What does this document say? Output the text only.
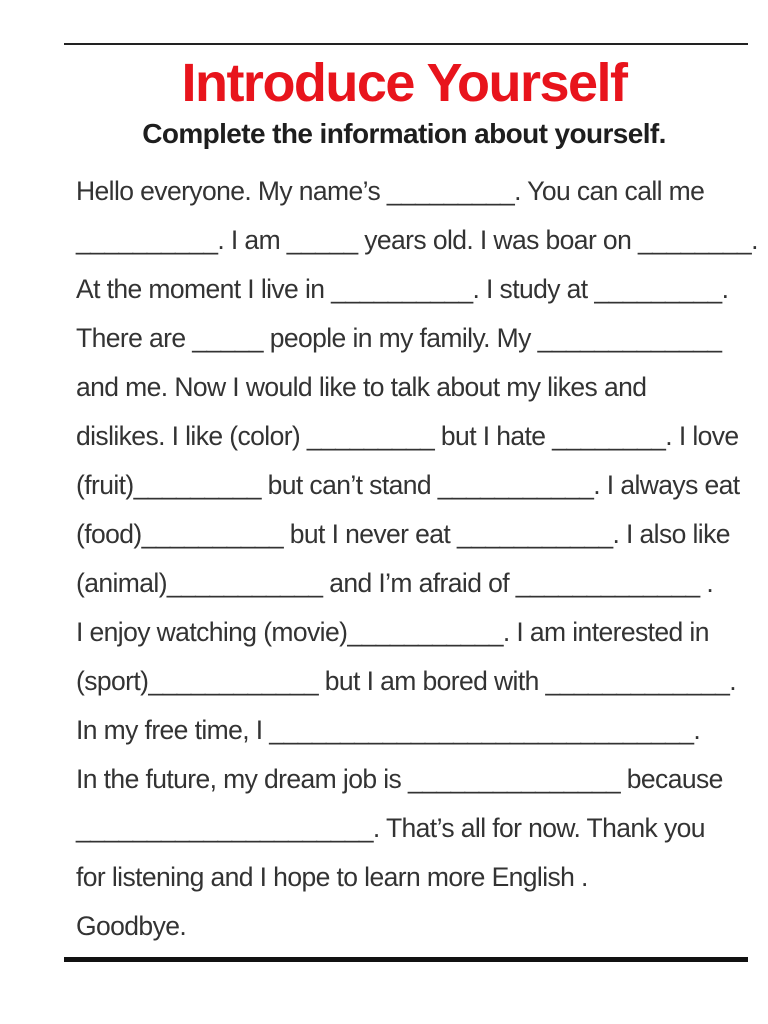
Introduce Yourself
Complete the information about yourself.
Hello everyone. My name’s _________. You can call me
__________. I am _____ years old. I was boar on ________.
At the moment I live in __________. I study at _________.
There are _____ people in my family. My _____________
and me. Now I would like to talk about my likes and
dislikes. I like (color) _________ but I hate ________. I love
(fruit)_________ but can’t stand ___________. I always eat
(food)__________ but I never eat ___________. I also like
(animal)___________ and I’m afraid of _____________ .
I enjoy watching (movie)___________. I am interested in
(sport)____________ but I am bored with _____________.
In my free time, I ______________________________.
In the future, my dream job is _______________ because
_____________________. That’s all for now. Thank you
for listening and I hope to learn more English .
Goodbye.
